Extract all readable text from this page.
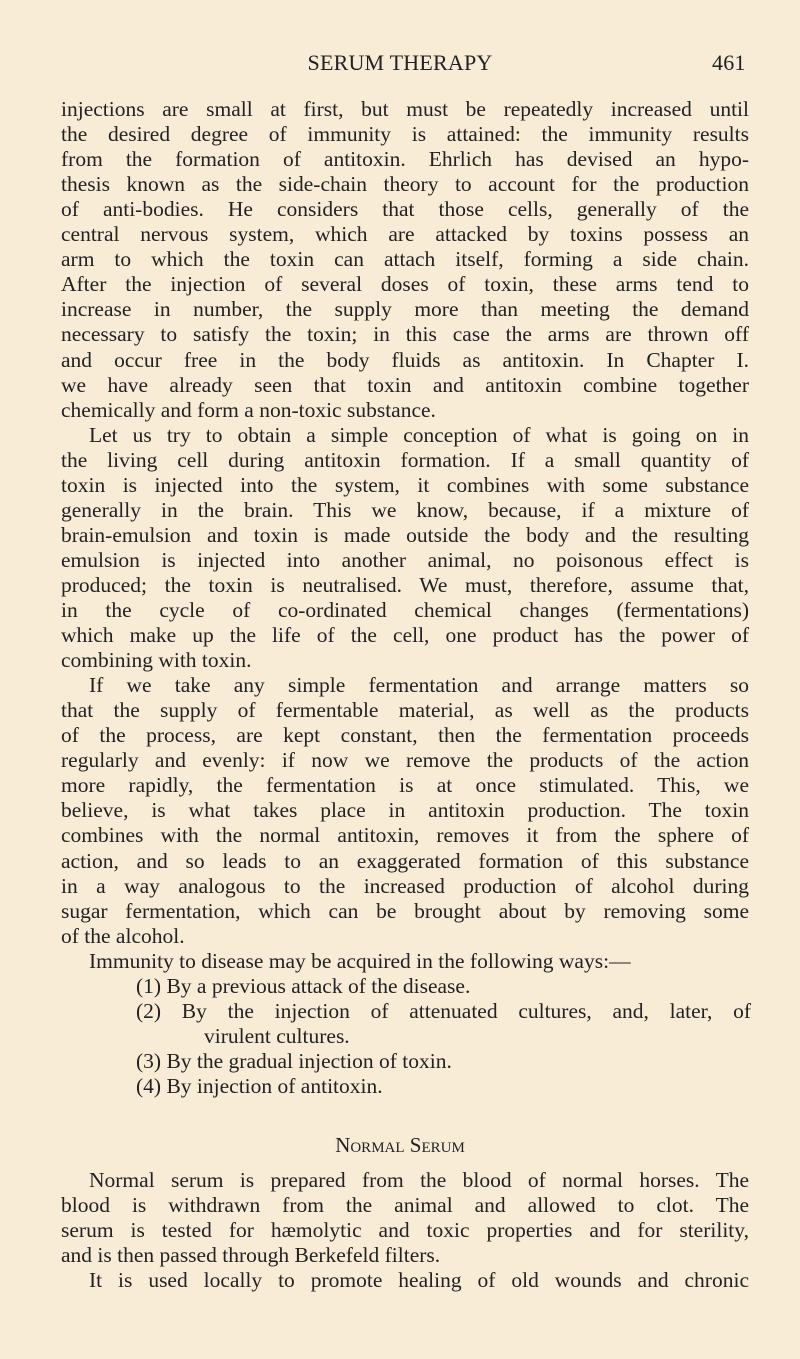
SERUM THERAPY	461
injections are small at first, but must be repeatedly increased until
the desired degree of immunity is attained: the immunity results
from the formation of antitoxin. Ehrlich has devised an hypo-
thesis known as the side-chain theory to account for the production
of anti-bodies. He considers that those cells, generally of the
central nervous system, which are attacked by toxins possess an
arm to which the toxin can attach itself, forming a side chain.
After the injection of several doses of toxin, these arms tend to
increase in number, the supply more than meeting the demand
necessary to satisfy the toxin; in this case the arms are thrown off
and occur free in the body fluids as antitoxin. In Chapter I.
we have already seen that toxin and antitoxin combine together
chemically and form a non-toxic substance.
Let us try to obtain a simple conception of what is going on in
the living cell during antitoxin formation. If a small quantity of
toxin is injected into the system, it combines with some substance
generally in the brain. This we know, because, if a mixture of
brain-emulsion and toxin is made outside the body and the resulting
emulsion is injected into another animal, no poisonous effect is
produced; the toxin is neutralised. We must, therefore, assume that,
in the cycle of co-ordinated chemical changes (fermentations)
which make up the life of the cell, one product has the power of
combining with toxin.
If we take any simple fermentation and arrange matters so
that the supply of fermentable material, as well as the products
of the process, are kept constant, then the fermentation proceeds
regularly and evenly: if now we remove the products of the action
more rapidly, the fermentation is at once stimulated. This, we
believe, is what takes place in antitoxin production. The toxin
combines with the normal antitoxin, removes it from the sphere of
action, and so leads to an exaggerated formation of this substance
in a way analogous to the increased production of alcohol during
sugar fermentation, which can be brought about by removing some
of the alcohol.
Immunity to disease may be acquired in the following ways:—
(1) By a previous attack of the disease.
(2) By the injection of attenuated cultures, and, later, of
virulent cultures.
(3) By the gradual injection of toxin.
(4) By injection of antitoxin.
Normal serum is prepared from the blood of normal horses. The
blood is withdrawn from the animal and allowed to clot. The
serum is tested for hæmolytic and toxic properties and for sterility,
and is then passed through Berkefeld filters.
It is used locally to promote healing of old wounds and chronic
Normal Serum
